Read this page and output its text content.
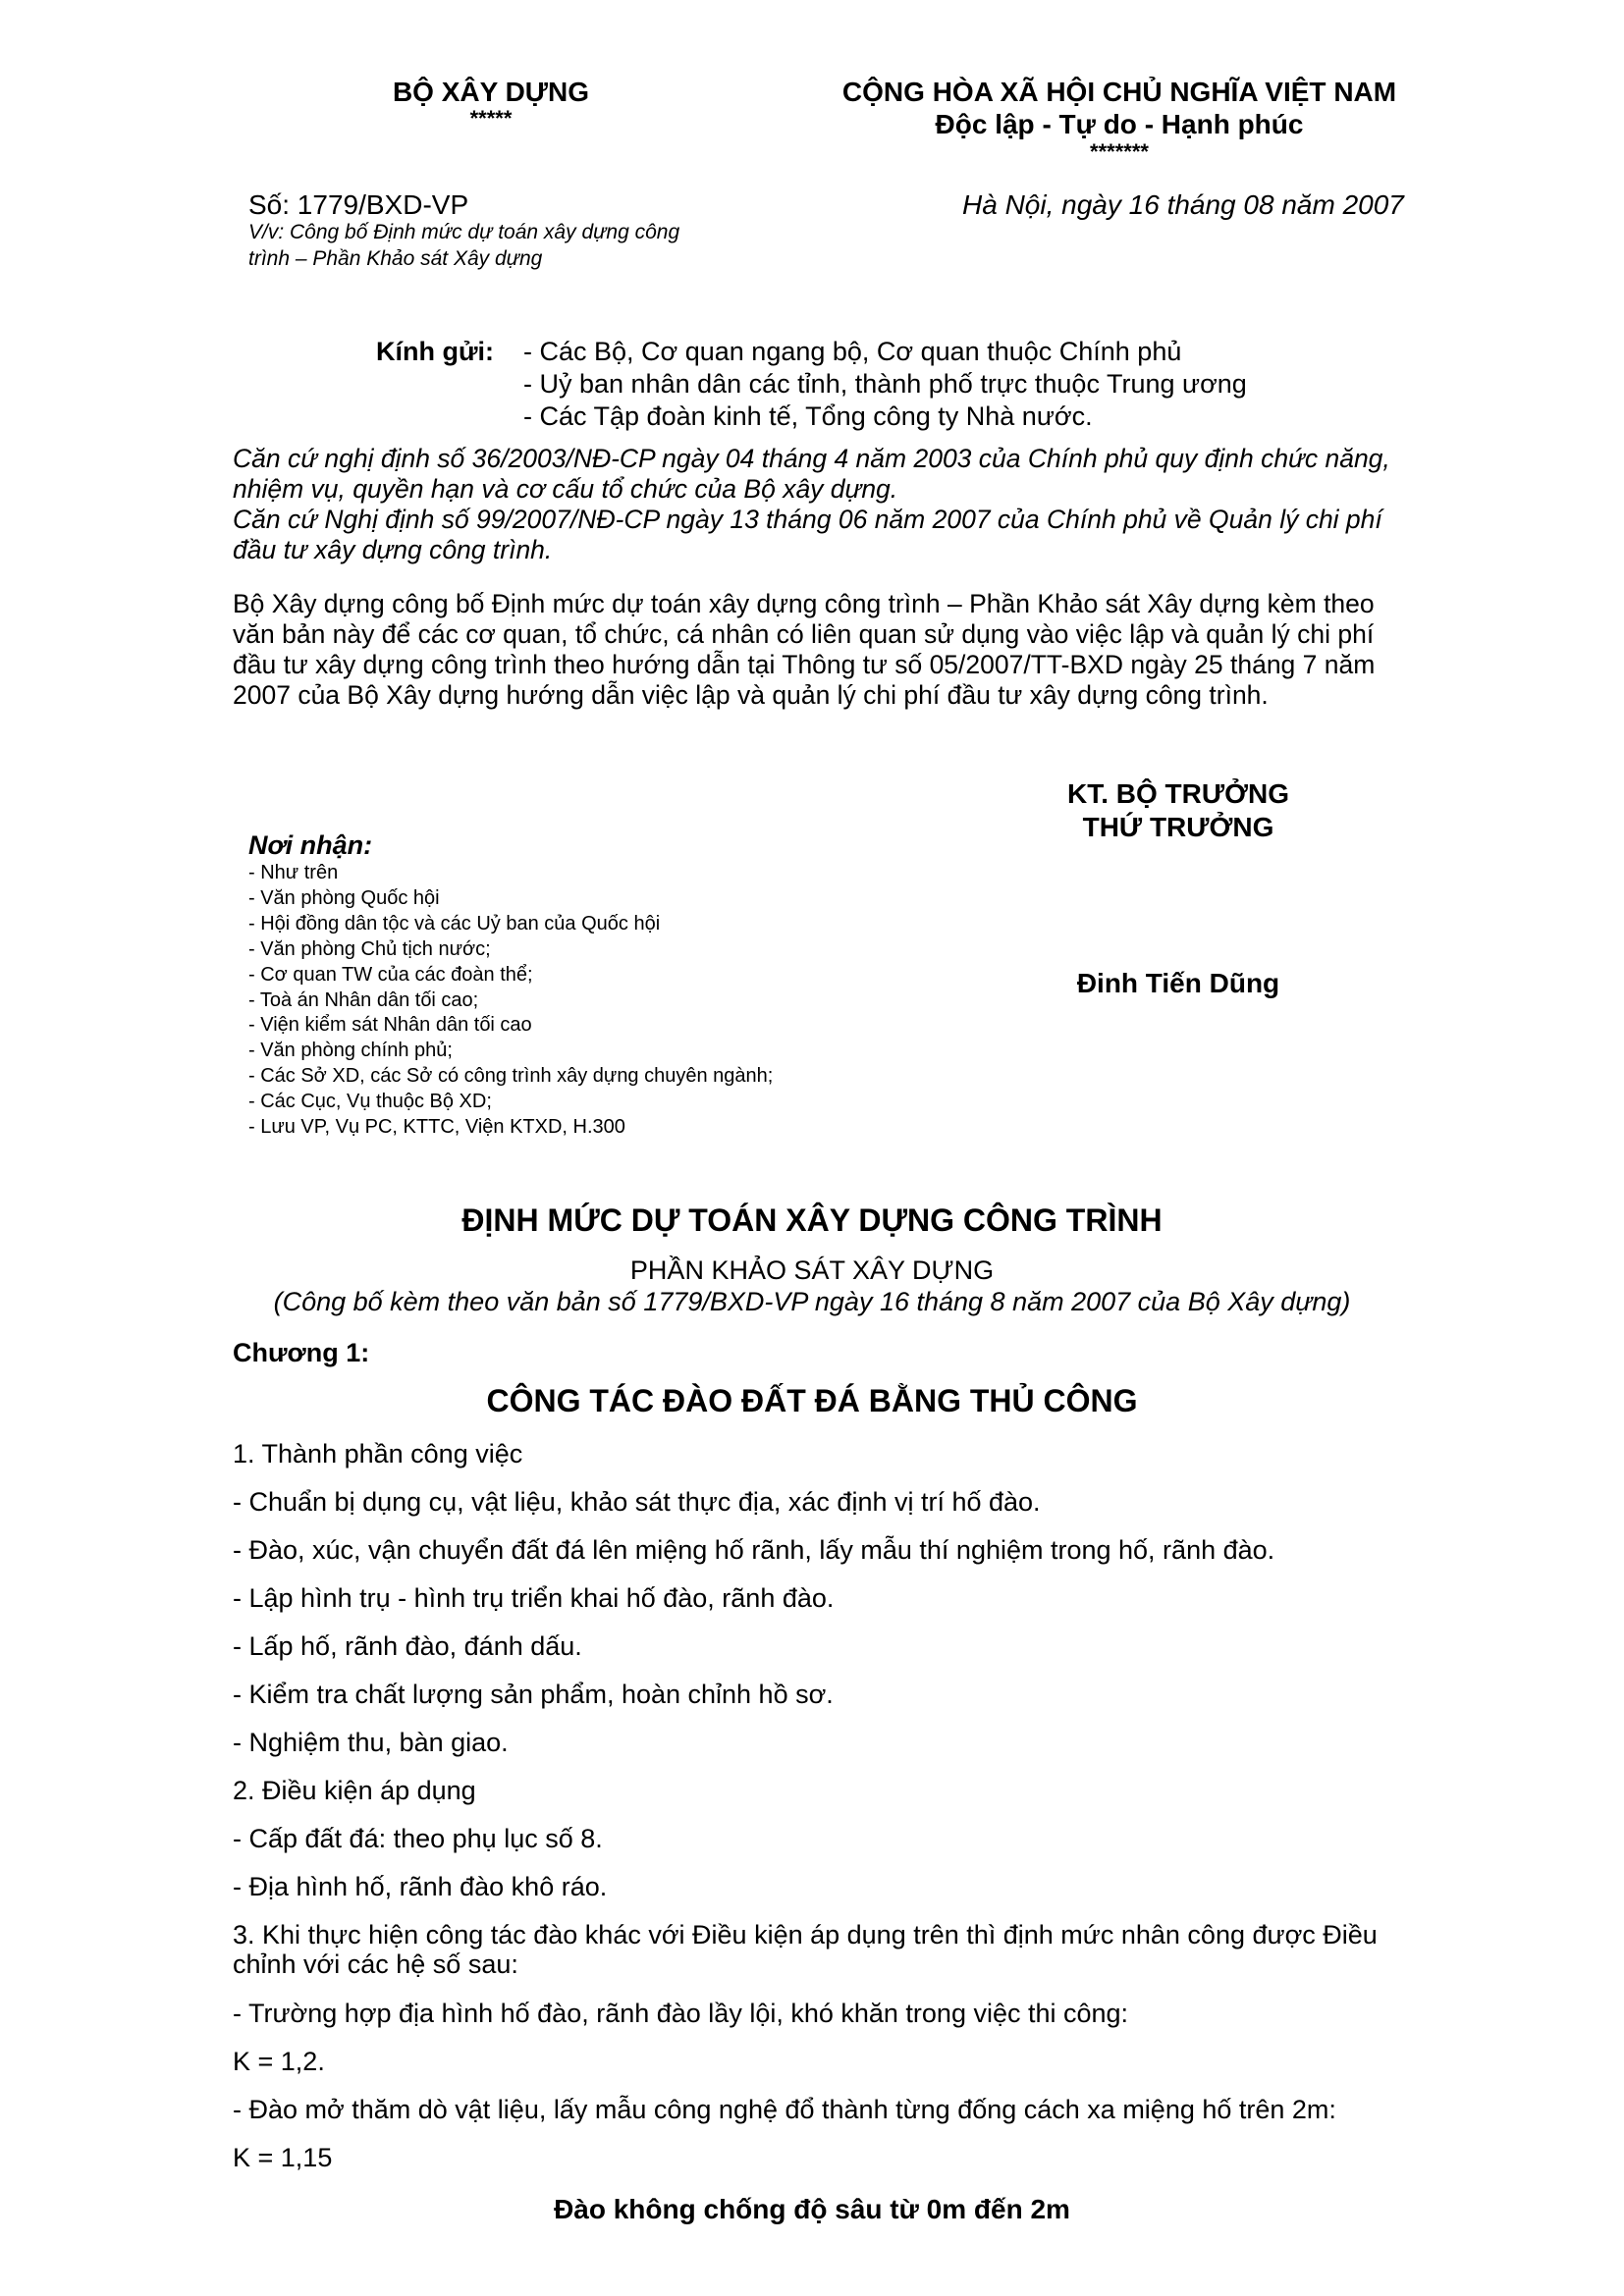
BỘ XÂY DỰNG
*****
CỘNG HÒA XÃ HỘI CHỦ NGHĨA VIỆT NAM
Độc lập - Tự do - Hạnh phúc
*******
Số: 1779/BXD-VP	Hà Nội, ngày 16 tháng 08 năm 2007
V/v: Công bố Định mức dự toán xây dựng công
trình – Phần Khảo sát Xây dựng
Kính gửi: - Các Bộ, Cơ quan ngang bộ, Cơ quan thuộc Chính phủ
- Uỷ ban nhân dân các tỉnh, thành phố trực thuộc Trung ương
- Các Tập đoàn kinh tế, Tổng công ty Nhà nước.
Căn cứ nghị định số 36/2003/NĐ-CP ngày 04 tháng 4 năm 2003 của Chính phủ quy định chức năng,
nhiệm vụ, quyền hạn và cơ cấu tổ chức của Bộ xây dựng.
Căn cứ Nghị định số 99/2007/NĐ-CP ngày 13 tháng 06 năm 2007 của Chính phủ về Quản lý chi phí
đầu tư xây dựng công trình.
Bộ Xây dựng công bố Định mức dự toán xây dựng công trình – Phần Khảo sát Xây dựng kèm theo
văn bản này để các cơ quan, tổ chức, cá nhân có liên quan sử dụng vào việc lập và quản lý chi phí
đầu tư xây dựng công trình theo hướng dẫn tại Thông tư số 05/2007/TT-BXD ngày 25 tháng 7 năm
2007 của Bộ Xây dựng hướng dẫn việc lập và quản lý chi phí đầu tư xây dựng công trình.
KT. BỘ TRƯỞNG
THỨ TRƯỞNG
Đinh Tiến Dũng
Nơi nhận:
- Như trên
- Văn phòng Quốc hội
- Hội đồng dân tộc và các Uỷ ban của Quốc hội
- Văn phòng Chủ tịch nước;
- Cơ quan TW của các đoàn thể;
- Toà án Nhân dân tối cao;
- Viện kiểm sát Nhân dân tối cao
- Văn phòng chính phủ;
- Các Sở XD, các Sở có công trình xây dựng chuyên ngành;
- Các Cục, Vụ thuộc Bộ XD;
- Lưu VP, Vụ PC, KTTC, Viện KTXD, H.300
ĐỊNH MỨC DỰ TOÁN XÂY DỰNG CÔNG TRÌNH
PHẦN KHẢO SÁT XÂY DỰNG
(Công bố kèm theo văn bản số 1779/BXD-VP ngày 16 tháng 8 năm 2007 của Bộ Xây dựng)
Chương 1:
CÔNG TÁC ĐÀO ĐẤT ĐÁ BẰNG THỦ CÔNG
1. Thành phần công việc
- Chuẩn bị dụng cụ, vật liệu, khảo sát thực địa, xác định vị trí hố đào.
- Đào, xúc, vận chuyển đất đá lên miệng hố rãnh, lấy mẫu thí nghiệm trong hố, rãnh đào.
- Lập hình trụ - hình trụ triển khai hố đào, rãnh đào.
- Lấp hố, rãnh đào, đánh dấu.
- Kiểm tra chất lượng sản phẩm, hoàn chỉnh hồ sơ.
- Nghiệm thu, bàn giao.
2. Điều kiện áp dụng
- Cấp đất đá: theo phụ lục số 8.
- Địa hình hố, rãnh đào khô ráo.
3. Khi thực hiện công tác đào khác với Điều kiện áp dụng trên thì định mức nhân công được Điều
chỉnh với các hệ số sau:
- Trường hợp địa hình hố đào, rãnh đào lầy lội, khó khăn trong việc thi công:
K = 1,2.
- Đào mở thăm dò vật liệu, lấy mẫu công nghệ đổ thành từng đống cách xa miệng hố trên 2m:
K = 1,15
Đào không chống độ sâu từ 0m đến 2m
